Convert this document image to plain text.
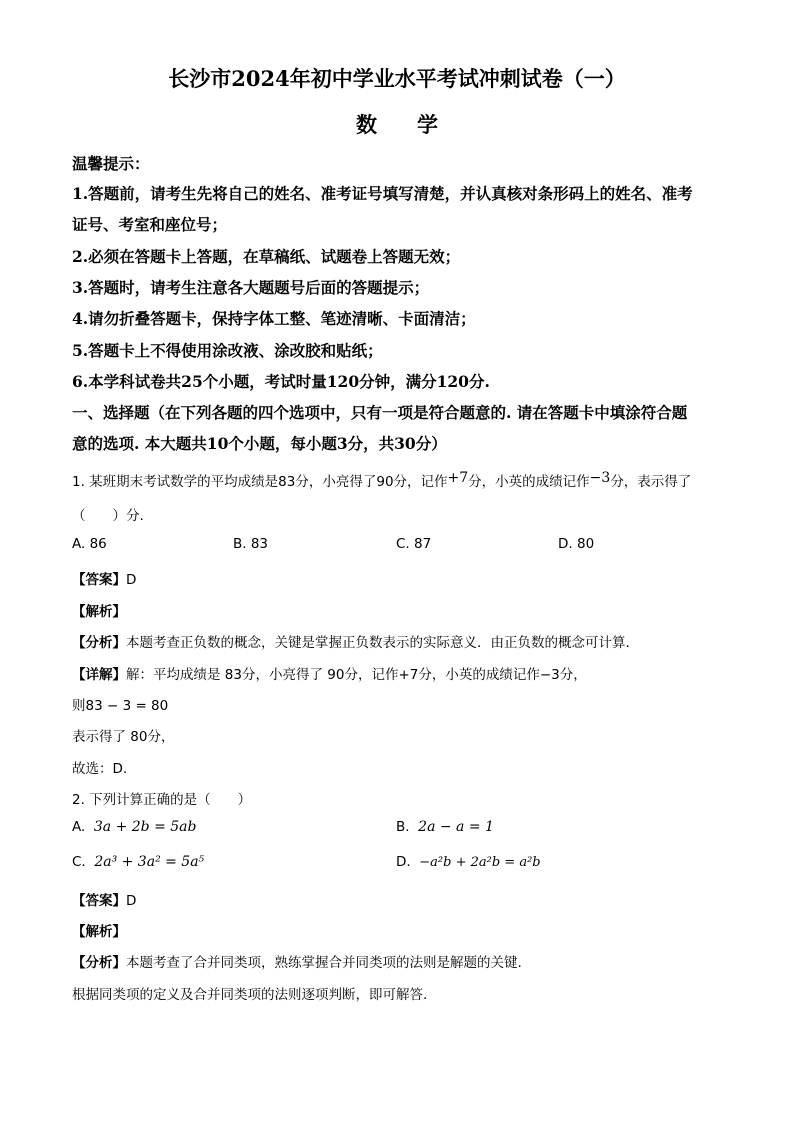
长沙市2024年初中学业水平考试冲刺试卷（一）
数学
温馨提示：
1.答题前，请考生先将自己的姓名、准考证号填写清楚，并认真核对条形码上的姓名、准考
证号、考室和座位号；
2.必须在答题卡上答题，在草稿纸、试题卷上答题无效；
3.答题时，请考生注意各大题题号后面的答题提示；
4.请勿折叠答题卡，保持字体工整、笔迹清晰、卡面清洁；
5.答题卡上不得使用涂改液、涂改胶和贴纸；
6.本学科试卷共25个小题，考试时量120分钟，满分120分.
一、选择题（在下列各题的四个选项中，只有一项是符合题意的. 请在答题卡中填涂符合题
意的选项. 本大题共10个小题，每小题3分，共30分）
1. 某班期末考试数学的平均成绩是83分，小亮得了90分，记作+7分，小英的成绩记作−3分，表示得了
（　　）分.
A. 86	B. 83	C. 87	D. 80
【答案】D
【解析】
【分析】本题考查正负数的概念，关键是掌握正负数表示的实际意义．由正负数的概念可计算.
【详解】解：平均成绩是 83分，小亮得了 90分，记作+7分，小英的成绩记作−3分，
则83 − 3 = 80
表示得了 80分，
故选：D.
2. 下列计算正确的是（　　）
A. 3a + 2b = 5ab	B. 2a − a = 1
C. 2a³ + 3a² = 5a⁵	D. −a²b + 2a²b = a²b
【答案】D
【解析】
【分析】本题考查了合并同类项，熟练掌握合并同类项的法则是解题的关键.
根据同类项的定义及合并同类项的法则逐项判断，即可解答.
